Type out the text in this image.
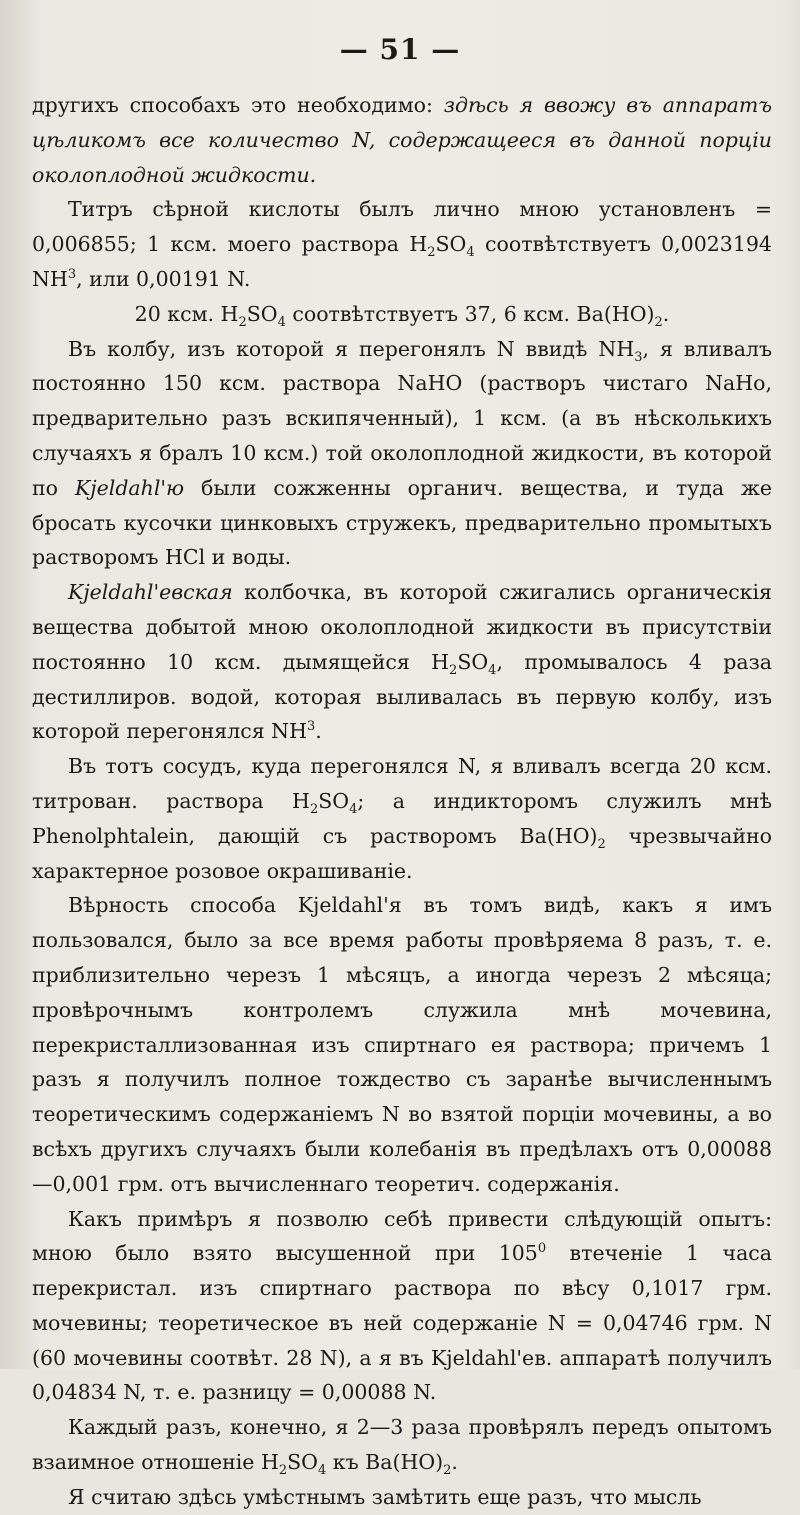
— 51 —

другихъ способахъ это необходимо: здѣсь я ввожу въ аппаратъ цѣликомъ все количество N, содержащееся въ данной порціи околоплодной жидкости.

Титръ сѣрной кислоты былъ лично мною установленъ = 0,006855; 1 ксм. моего раствора $H_2SO_4$ соотвѣтствуетъ 0,0023194 $NH^3$, или 0,00191 N.

20 ксм. $H_2SO_4$ соотвѣтствуетъ 37, 6 ксм. $Ba(HO)_2$.

Въ колбу, изъ которой я перегонялъ N ввидѣ $NH_3$, я вливалъ постоянно 150 ксм. раствора NaHO (растворъ чистаго NaHo, предварительно разъ вскипяченный), 1 ксм. (а въ нѣсколькихъ случаяхъ я бралъ 10 ксм.) той околоплодной жидкости, въ которой по Kjeldahl'ю были сожженны органич. вещества, и туда же бросать кусочки цинковыхъ стружекъ, предварительно промытыхъ растворомъ HCl и воды.

Kjeldahl'евская колбочка, въ которой сжигались органическія вещества добытой мною околоплодной жидкости въ присутствіи постоянно 10 ксм. дымящейся $H_2SO_4$, промывалось 4 раза дестиллиров. водой, которая выливалась въ первую колбу, изъ которой перегонялся $NH^3$.

Въ тотъ сосудъ, куда перегонялся N, я вливалъ всегда 20 ксм. титрован. раствора $H_2SO_4$; а индикторомъ служилъ мнѣ Phenolphtalein, дающій съ растворомъ $Ba(HO)_2$ чрезвычайно характерное розовое окрашиваніе.

Вѣрность способа Kjeldahl'я въ томъ видѣ, какъ я имъ пользовался, было за все время работы провѣряема 8 разъ, т. е. приблизительно черезъ 1 мѣсяцъ, а иногда черезъ 2 мѣсяца; провѣрочнымъ контролемъ служила мнѣ мочевина, перекристаллизованная изъ спиртнаго ея раствора; причемъ 1 разъ я получилъ полное тождество съ заранѣе вычисленнымъ теоретическимъ содержаніемъ N во взятой порціи мочевины, а во всѣхъ другихъ случаяхъ были колебанія въ предѣлахъ отъ 0,00088—0,001 грм. отъ вычисленнаго теоретич. содержанія.

Какъ примѣръ я позволю себѣ привести слѣдующій опытъ: мною было взято высушенной при $105^0$ втеченіе 1 часа перекристал. изъ спиртнаго раствора по вѣсу 0,1017 грм. мочевины; теоретическое въ ней содержаніе N = 0,04746 грм. N (60 мочевины соотвѣт. 28 N), а я въ Kjeldahl'ев. аппаратѣ получилъ 0,04834 N, т. е. разницу = 0,00088 N.

Каждый разъ, конечно, я 2—3 раза провѣрялъ передъ опытомъ взаимное отношеніе $H_2SO_4$ къ $Ba(HO)_2$.

Я считаю здѣсь умѣстнымъ замѣтить еще разъ, что мысль
